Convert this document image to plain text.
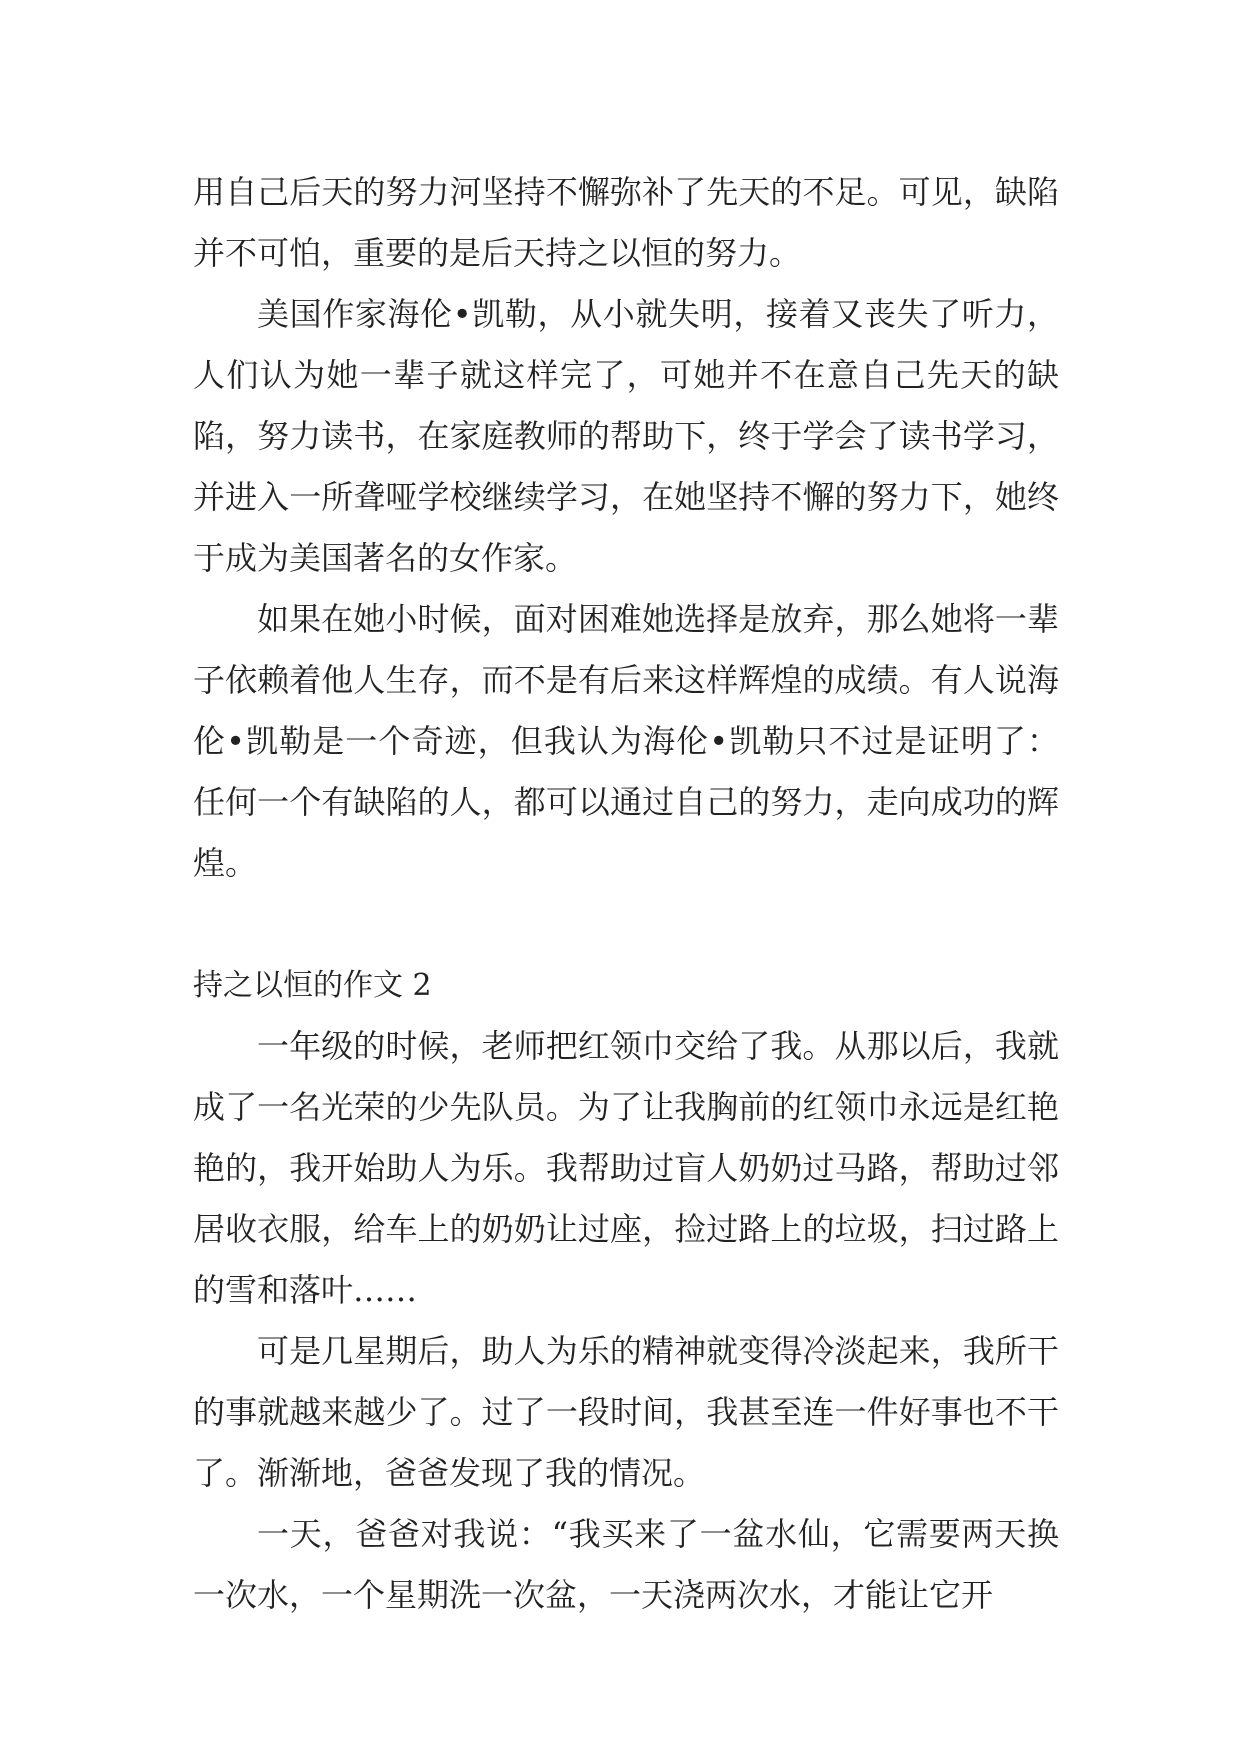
用自己后天的努力河坚持不懈弥补了先天的不足。可见，缺陷并不可怕，重要的是后天持之以恒的努力。

美国作家海伦•凯勒，从小就失明，接着又丧失了听力，人们认为她一辈子就这样完了，可她并不在意自己先天的缺陷，努力读书，在家庭教师的帮助下，终于学会了读书学习，并进入一所聋哑学校继续学习，在她坚持不懈的努力下，她终于成为美国著名的女作家。

如果在她小时候，面对困难她选择是放弃，那么她将一辈子依赖着他人生存，而不是有后来这样辉煌的成绩。有人说海伦•凯勒是一个奇迹，但我认为海伦•凯勒只不过是证明了：任何一个有缺陷的人，都可以通过自己的努力，走向成功的辉煌。

持之以恒的作文 2

一年级的时候，老师把红领巾交给了我。从那以后，我就成了一名光荣的少先队员。为了让我胸前的红领巾永远是红艳艳的，我开始助人为乐。我帮助过盲人奶奶过马路，帮助过邻居收衣服，给车上的奶奶让过座，捡过路上的垃圾，扫过路上的雪和落叶……

可是几星期后，助人为乐的精神就变得冷淡起来，我所干的事就越来越少了。过了一段时间，我甚至连一件好事也不干了。渐渐地，爸爸发现了我的情况。

一天，爸爸对我说：“我买来了一盆水仙，它需要两天换一次水，一个星期洗一次盆，一天浇两次水，才能让它开
